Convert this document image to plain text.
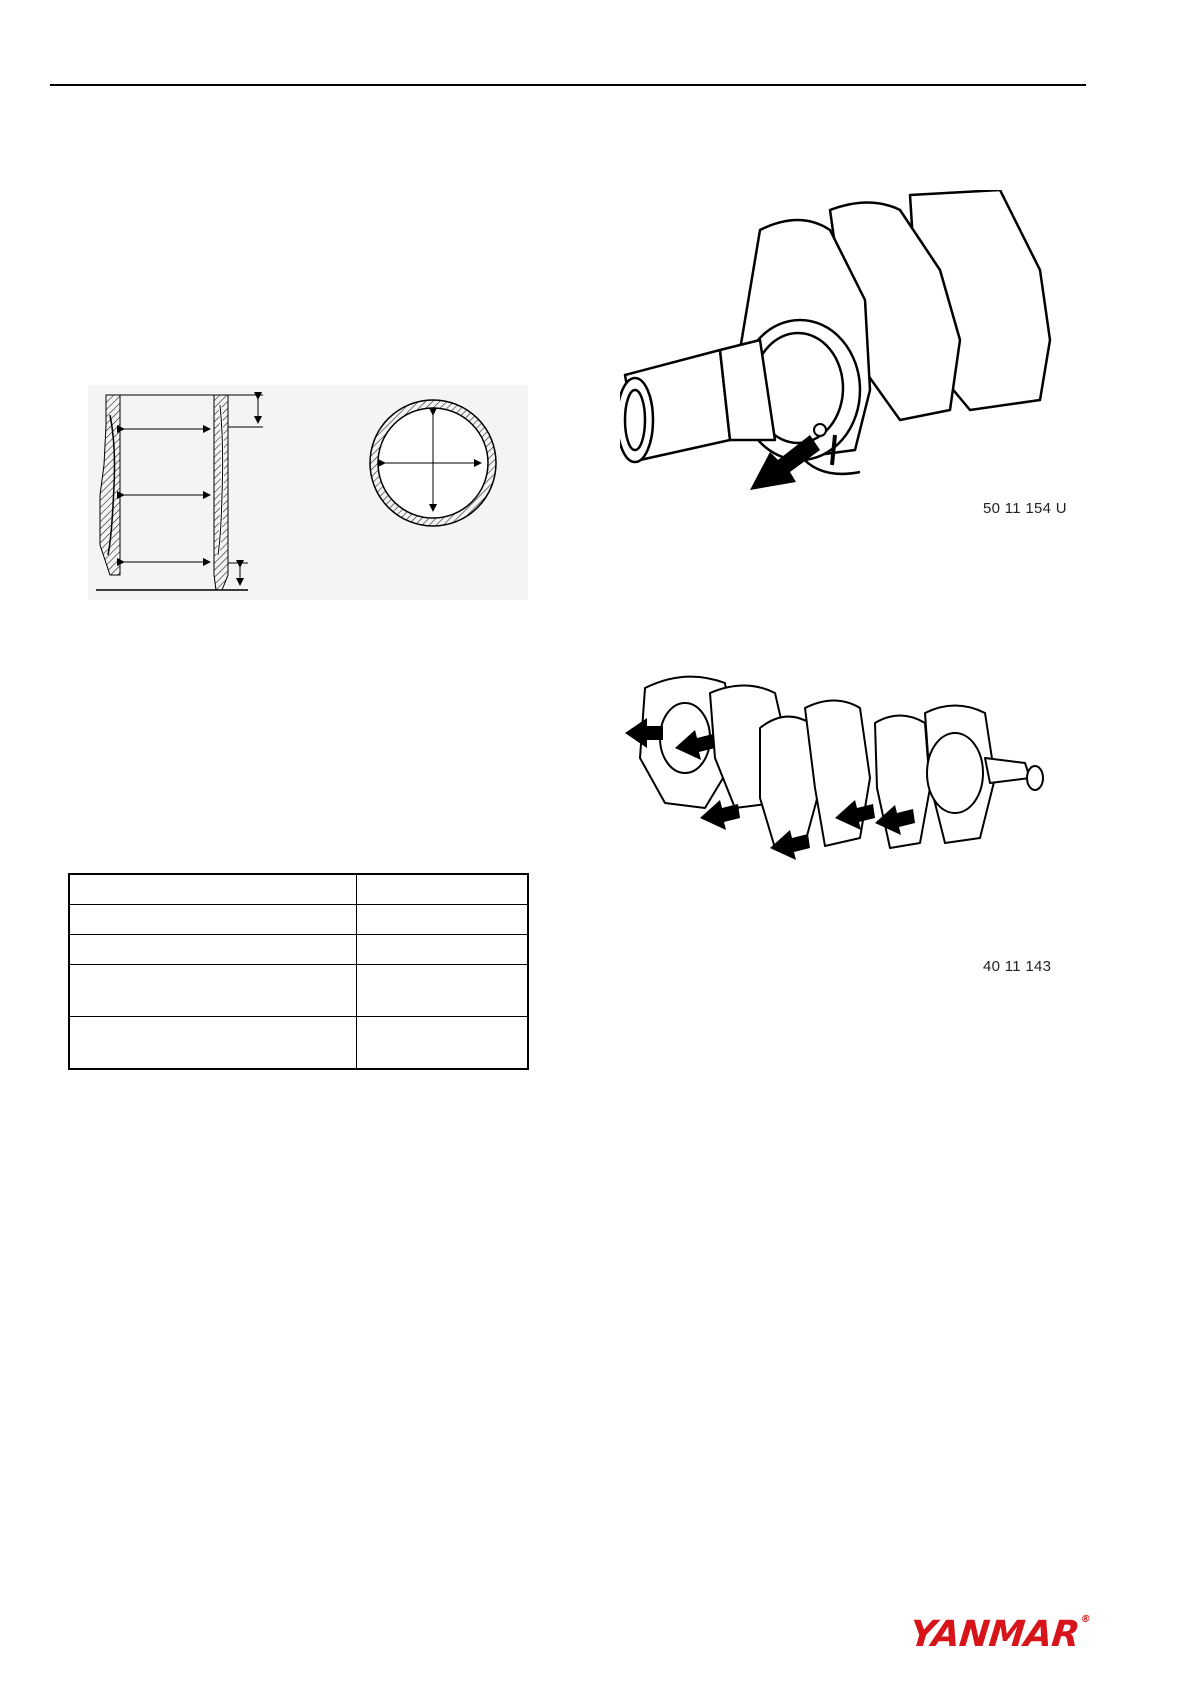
50 11 154 U
40 11 143

YANMAR®
